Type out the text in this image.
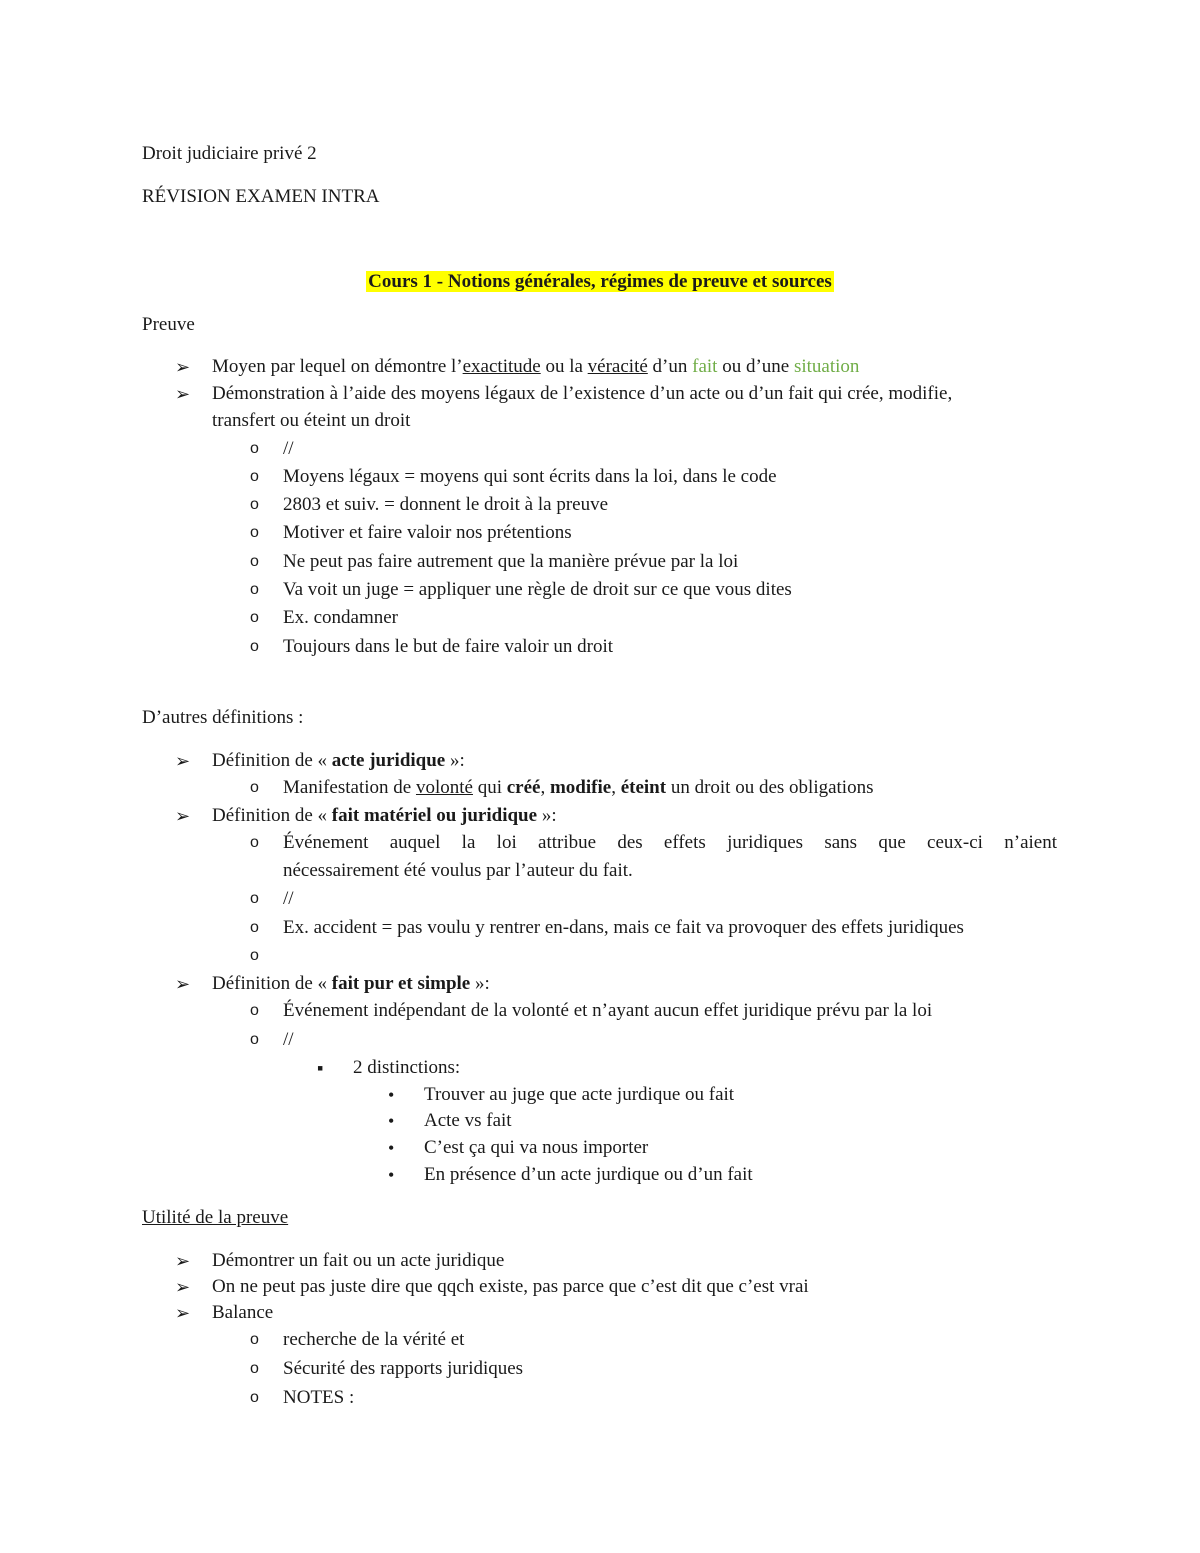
Droit judiciaire privé 2
RÉVISION EXAMEN INTRA
Cours 1 - Notions générales, régimes de preuve et sources
Preuve
➢ Moyen par lequel on démontre l’exactitude ou la véracité d’un fait ou d’une situation
➢ Démonstration à l’aide des moyens légaux de l’existence d’un acte ou d’un fait qui crée, modifie,
transfert ou éteint un droit
o //
o Moyens légaux = moyens qui sont écrits dans la loi, dans le code
o 2803 et suiv. = donnent le droit à la preuve
o Motiver et faire valoir nos prétentions
o Ne peut pas faire autrement que la manière prévue par la loi
o Va voit un juge = appliquer une règle de droit sur ce que vous dites
o Ex. condamner
o Toujours dans le but de faire valoir un droit
D’autres définitions :
➢ Définition de « acte juridique »:
o Manifestation de volonté qui créé, modifie, éteint un droit ou des obligations
➢ Définition de « fait matériel ou juridique »:
o Événement auquel la loi attribue des effets juridiques sans que ceux-ci n’aient
nécessairement été voulus par l’auteur du fait.
o //
o Ex. accident = pas voulu y rentrer en-dans, mais ce fait va provoquer des effets juridiques
o
➢ Définition de « fait pur et simple »:
o Événement indépendant de la volonté et n’ayant aucun effet juridique prévu par la loi
o //
▪ 2 distinctions:
• Trouver au juge que acte jurdique ou fait
• Acte vs fait
• C’est ça qui va nous importer
• En présence d’un acte jurdique ou d’un fait
Utilité de la preuve
➢ Démontrer un fait ou un acte juridique
➢ On ne peut pas juste dire que qqch existe, pas parce que c’est dit que c’est vrai
➢ Balance
o recherche de la vérité et
o Sécurité des rapports juridiques
o NOTES :
